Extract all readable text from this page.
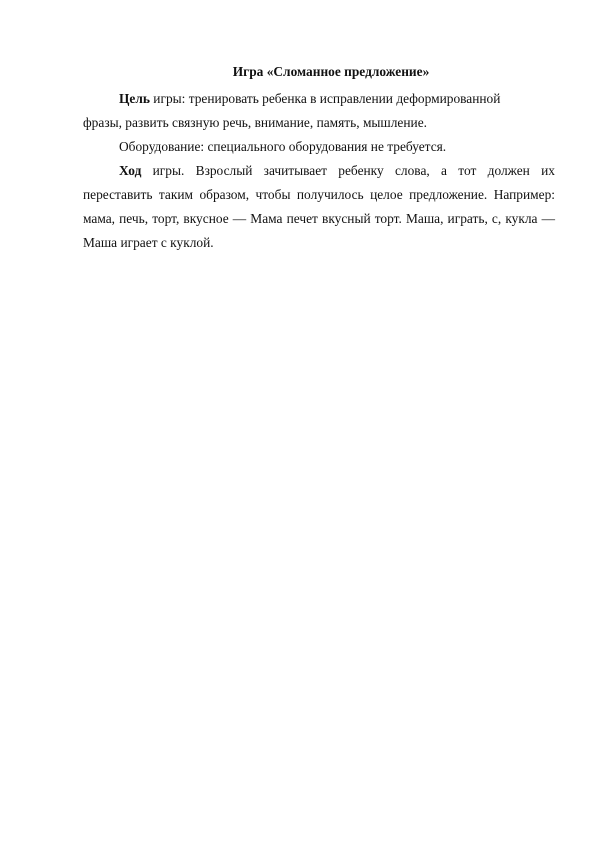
Игра «Сломанное предложение»

Цель игры: тренировать ребенка в исправлении деформированной фразы, развить связную речь, внимание, память, мышление.

Оборудование: специального оборудования не требуется.

Ход игры. Взрослый зачитывает ребенку слова, а тот должен их переставить таким образом, чтобы получилось целое предложение. Например: мама, печь, торт, вкусное — Мама печет вкусный торт. Маша, играть, с, кукла — Маша играет с куклой.
